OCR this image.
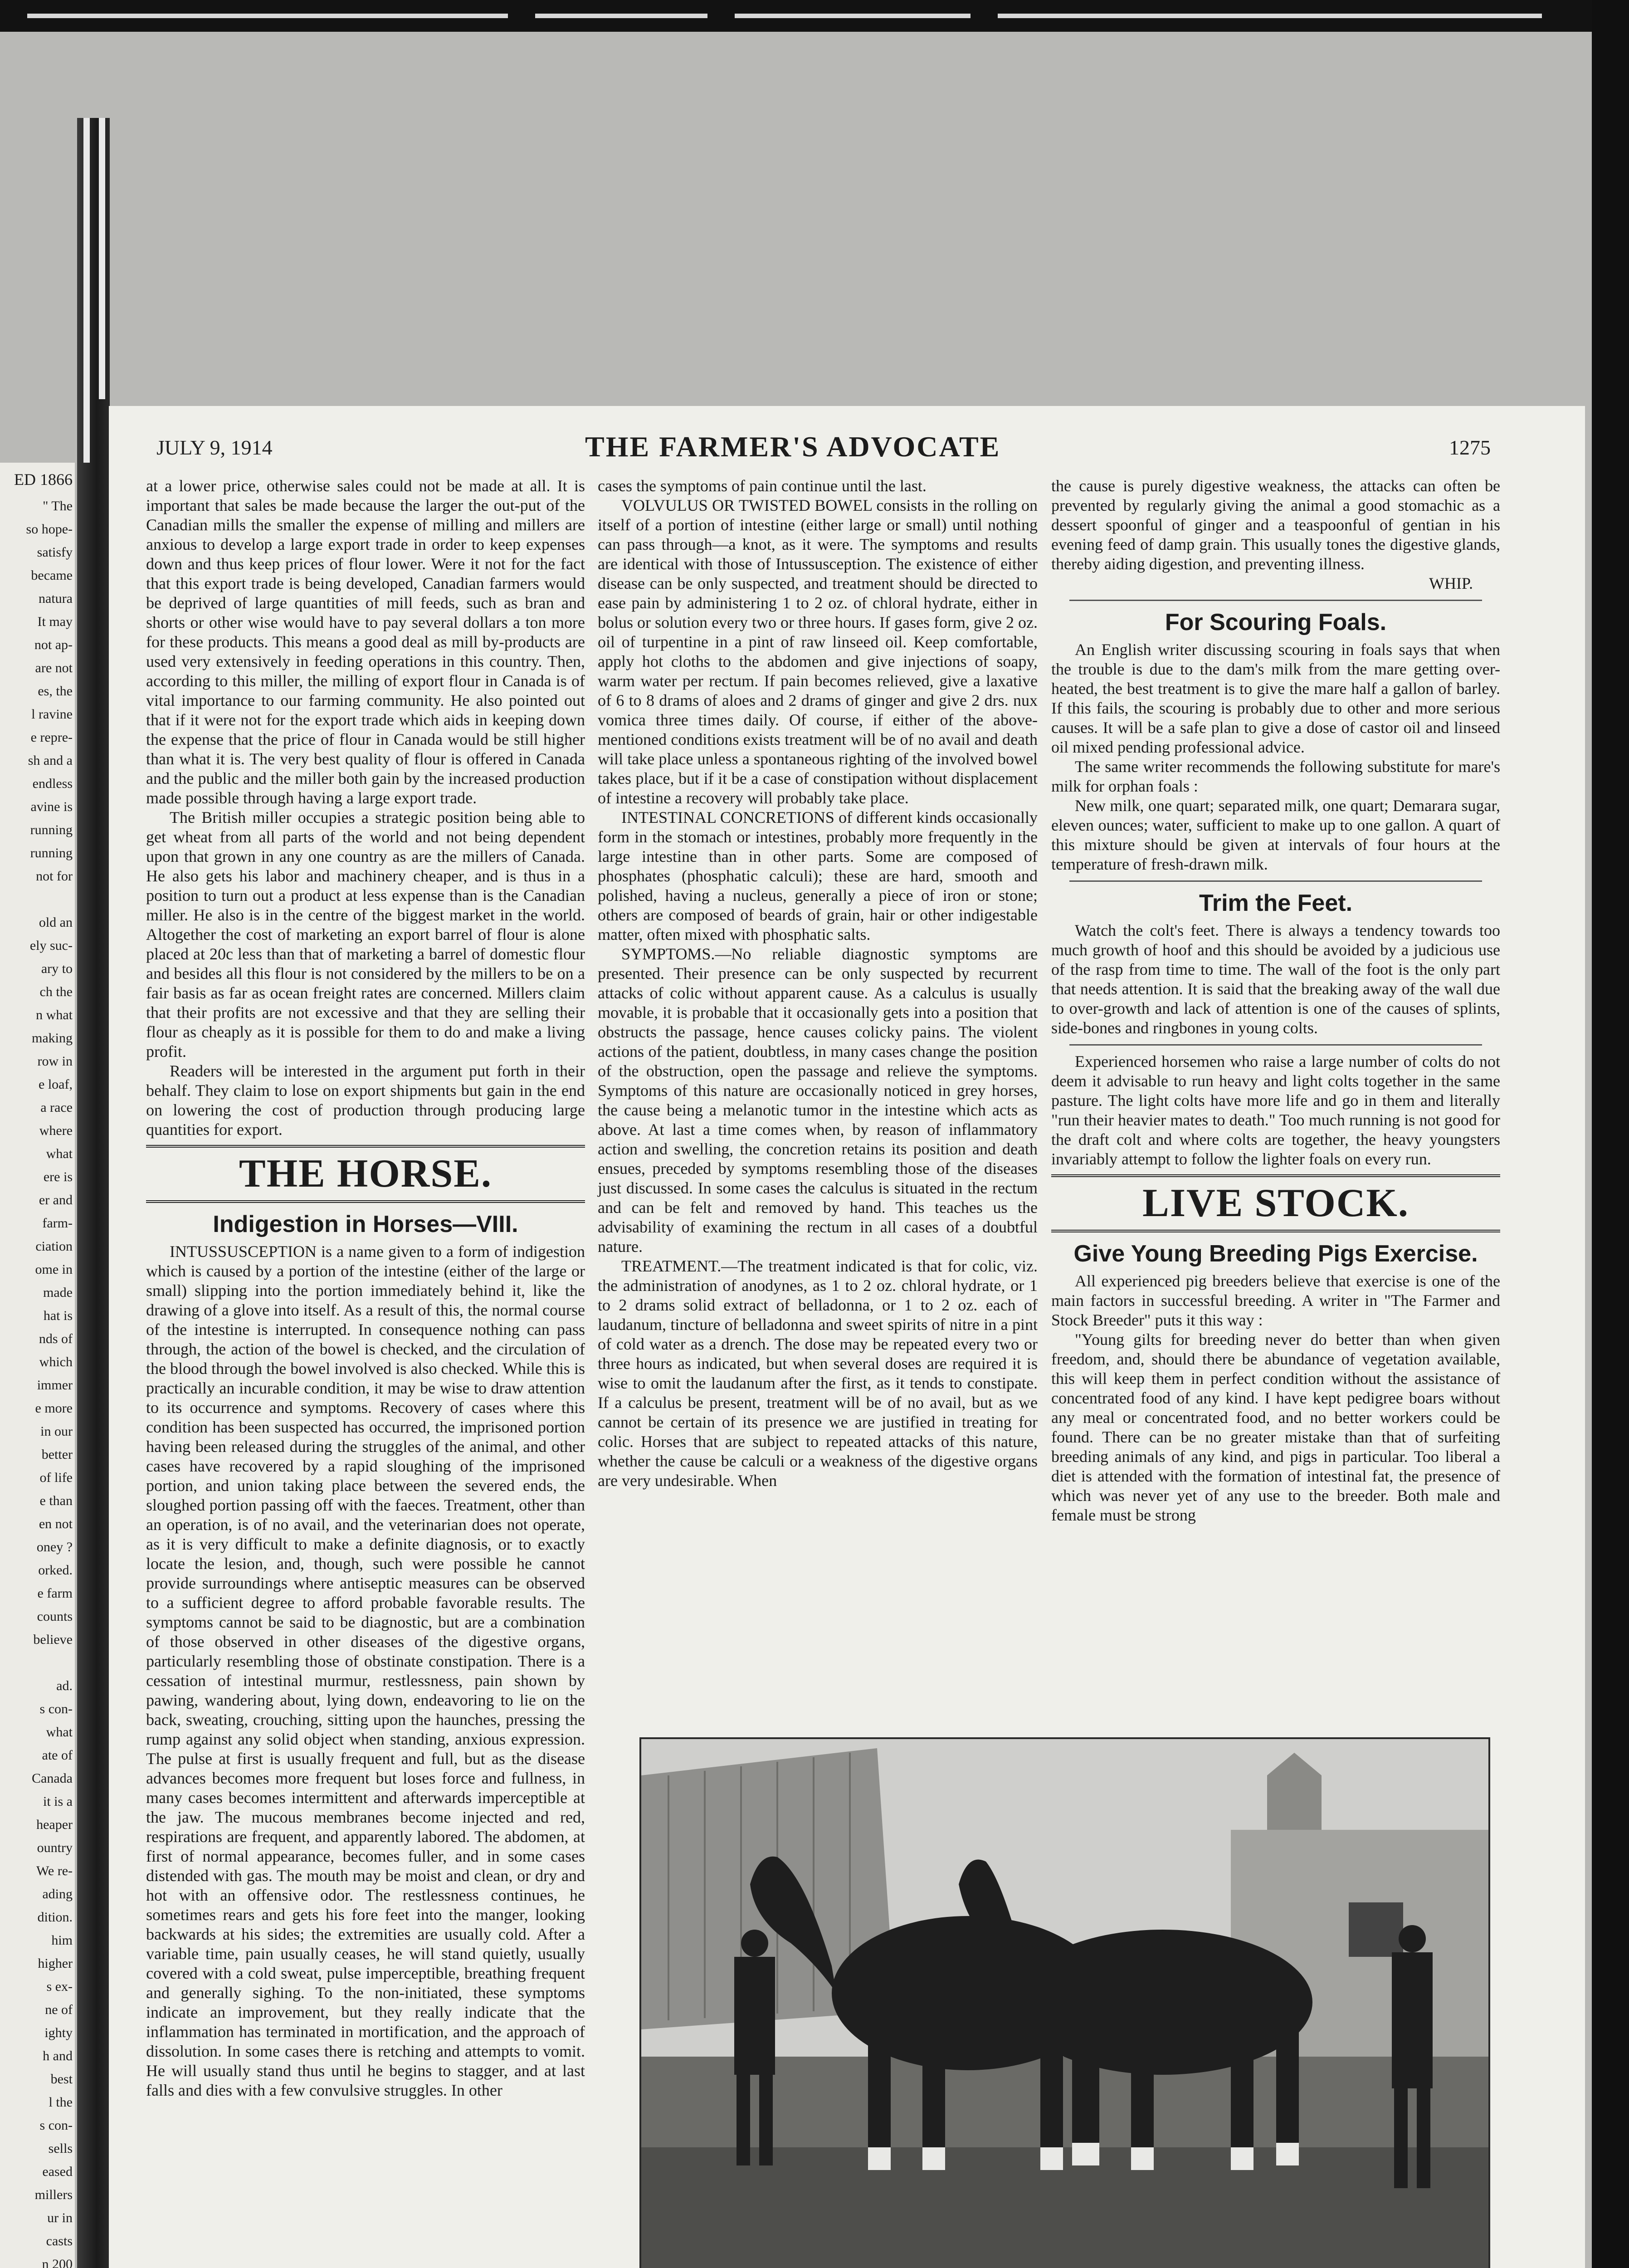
ED 1866
" The
so hope-
satisfy
became
natura
It may
not ap-
are not
es, the
l ravine
e repre-
sh and a
endless
avine is
running
running
not for
old an
ely suc-
ary to
ch the
n what
making
row in
e loaf,
a race
where
what
ere is
er and
farm-
ciation
ome in
made
hat is
nds of
which
immer
e more
in our
better
of life
e than
en not
oney ?
orked.
e farm
counts
believe
ad.
s con-
what
ate of
Canada
it is a
heaper
ountry
We re-
ading
dition.
him
higher
s ex-
ne of
ighty
h and
best
l the
s con-
sells
eased
millers
ur in
casts
n 200
JULY 9, 1914	THE FARMER'S ADVOCATE	1275

at a lower price, otherwise sales could not be made at all. It is important that sales be made because the larger the out-put of the Canadian mills the smaller the expense of milling and millers are anxious to develop a large export trade in order to keep expenses down and thus keep prices of flour lower. Were it not for the fact that this export trade is being developed, Canadian farmers would be deprived of large quantities of mill feeds, such as bran and shorts or other wise would have to pay several dollars a ton more for these products. This means a good deal as mill by-products are used very extensively in feeding operations in this country. Then, according to this miller, the milling of export flour in Canada is of vital importance to our farming community. He also pointed out that if it were not for the export trade which aids in keeping down the expense that the price of flour in Canada would be still higher than what it is. The very best quality of flour is offered in Canada and the public and the miller both gain by the increased production made possible through having a large export trade.

The British miller occupies a strategic position being able to get wheat from all parts of the world and not being dependent upon that grown in any one country as are the millers of Canada. He also gets his labor and machinery cheaper, and is thus in a position to turn out a product at less expense than is the Canadian miller. He also is in the centre of the biggest market in the world. Altogether the cost of marketing an export barrel of flour is alone placed at 20c less than that of marketing a barrel of domestic flour and besides all this flour is not considered by the millers to be on a fair basis as far as ocean freight rates are concerned. Millers claim that their profits are not excessive and that they are selling their flour as cheaply as it is possible for them to do and make a living profit.

Readers will be interested in the argument put forth in their behalf. They claim to lose on export shipments but gain in the end on lowering the cost of production through producing large quantities for export.

THE HORSE.
Indigestion in Horses—VIII.

INTUSSUSCEPTION is a name given to a form of indigestion which is caused by a portion of the intestine (either of the large or small) slipping into the portion immediately behind it, like the drawing of a glove into itself. As a result of this, the normal course of the intestine is interrupted. In consequence nothing can pass through, the action of the bowel is checked, and the circulation of the blood through the bowel involved is also checked. While this is practically an incurable condition, it may be wise to draw attention to its occurrence and symptoms. Recovery of cases where this condition has been suspected has occurred, the imprisoned portion having been released during the struggles of the animal, and other cases have recovered by a rapid sloughing of the imprisoned portion, and union taking place between the severed ends, the sloughed portion passing off with the faeces. Treatment, other than an operation, is of no avail, and the veterinarian does not operate, as it is very difficult to make a definite diagnosis, or to exactly locate the lesion, and, though, such were possible he cannot provide surroundings where antiseptic measures can be observed to a sufficient degree to afford probable favorable results. The symptoms cannot be said to be diagnostic, but are a combination of those observed in other diseases of the digestive organs, particularly resembling those of obstinate constipation. There is a cessation of intestinal murmur, restlessness, pain shown by pawing, wandering about, lying down, endeavoring to lie on the back, sweating, crouching, sitting upon the haunches, pressing the rump against any solid object when standing, anxious expression. The pulse at first is usually frequent and full, but as the disease advances becomes more frequent but loses force and fullness, in many cases becomes intermittent and afterwards imperceptible at the jaw. The mucous membranes become injected and red, respirations are frequent, and apparently labored. The abdomen, at first of normal appearance, becomes fuller, and in some cases distended with gas. The mouth may be moist and clean, or dry and hot with an offensive odor. The restlessness continues, he sometimes rears and gets his fore feet into the manger, looking backwards at his sides; the extremities are usually cold. After a variable time, pain usually ceases, he will stand quietly, usually covered with a cold sweat, pulse imperceptible, breathing frequent and generally sighing. To the non-initiated, these symptoms indicate an improvement, but they really indicate that the inflammation has terminated in mortification, and the approach of dissolution. In some cases there is retching and attempts to vomit. He will usually stand thus until he begins to stagger, and at last falls and dies with a few convulsive struggles. In other

cases the symptoms of pain continue until the last.

VOLVULUS OR TWISTED BOWEL consists in the rolling on itself of a portion of intestine (either large or small) until nothing can pass through—a knot, as it were. The symptoms and results are identical with those of Intussusception. The existence of either disease can be only suspected, and treatment should be directed to ease pain by administering 1 to 2 oz. of chloral hydrate, either in bolus or solution every two or three hours. If gases form, give 2 oz. oil of turpentine in a pint of raw linseed oil. Keep comfortable, apply hot cloths to the abdomen and give injections of soapy, warm water per rectum. If pain becomes relieved, give a laxative of 6 to 8 drams of aloes and 2 drams of ginger and give 2 drs. nux vomica three times daily. Of course, if either of the above-mentioned conditions exists treatment will be of no avail and death will take place unless a spontaneous righting of the involved bowel takes place, but if it be a case of constipation without displacement of intestine a recovery will probably take place.

INTESTINAL CONCRETIONS of different kinds occasionally form in the stomach or intestines, probably more frequently in the large intestine than in other parts. Some are composed of phosphates (phosphatic calculi); these are hard, smooth and polished, having a nucleus, generally a piece of iron or stone; others are composed of beards of grain, hair or other indigestable matter, often mixed with phosphatic salts.

SYMPTOMS.—No reliable diagnostic symptoms are presented. Their presence can be only suspected by recurrent attacks of colic without apparent cause. As a calculus is usually movable, it is probable that it occasionally gets into a position that obstructs the passage, hence causes colicky pains. The violent actions of the patient, doubtless, in many cases change the position of the obstruction, open the passage and relieve the symptoms. Symptoms of this nature are occasionally noticed in grey horses, the cause being a melanotic tumor in the intestine which acts as above. At last a time comes when, by reason of inflammatory action and swelling, the concretion retains its position and death ensues, preceded by symptoms resembling those of the diseases just discussed. In some cases the calculus is situated in the rectum and can be felt and removed by hand. This teaches us the advisability of examining the rectum in all cases of a doubtful nature.

TREATMENT.—The treatment indicated is that for colic, viz. the administration of anodynes, as 1 to 2 oz. chloral hydrate, or 1 to 2 drams solid extract of belladonna, or 1 to 2 oz. each of laudanum, tincture of belladonna and sweet spirits of nitre in a pint of cold water as a drench. The dose may be repeated every two or three hours as indicated, but when several doses are required it is wise to omit the laudanum after the first, as it tends to constipate. If a calculus be present, treatment will be of no avail, but as we cannot be certain of its presence we are justified in treating for colic. Horses that are subject to repeated attacks of this nature, whether the cause be calculi or a weakness of the digestive organs are very undesirable. When

the cause is purely digestive weakness, the attacks can often be prevented by regularly giving the animal a good stomachic as a dessert spoonful of ginger and a teaspoonful of gentian in his evening feed of damp grain. This usually tones the digestive glands, thereby aiding digestion, and preventing illness.

WHIP.
For Scouring Foals.

An English writer discussing scouring in foals says that when the trouble is due to the dam's milk from the mare getting over-heated, the best treatment is to give the mare half a gallon of barley. If this fails, the scouring is probably due to other and more serious causes. It will be a safe plan to give a dose of castor oil and linseed oil mixed pending professional advice.

The same writer recommends the following substitute for mare's milk for orphan foals :

New milk, one quart; separated milk, one quart; Demarara sugar, eleven ounces; water, sufficient to make up to one gallon. A quart of this mixture should be given at intervals of four hours at the temperature of fresh-drawn milk.

Trim the Feet.

Watch the colt's feet. There is always a tendency towards too much growth of hoof and this should be avoided by a judicious use of the rasp from time to time. The wall of the foot is the only part that needs attention. It is said that the breaking away of the wall due to over-growth and lack of attention is one of the causes of splints, side-bones and ringbones in young colts.

Experienced horsemen who raise a large number of colts do not deem it advisable to run heavy and light colts together in the same pasture. The light colts have more life and go in them and literally "run their heavier mates to death." Too much running is not good for the draft colt and where colts are together, the heavy youngsters invariably attempt to follow the lighter foals on every run.

LIVE STOCK.
Give Young Breeding Pigs Exercise.

All experienced pig breeders believe that exercise is one of the main factors in successful breeding. A writer in "The Farmer and Stock Breeder" puts it this way :

"Young gilts for breeding never do better than when given freedom, and, should there be abundance of vegetation available, this will keep them in perfect condition without the assistance of concentrated food of any kind. I have kept pedigree boars without any meal or concentrated food, and no better workers could be found. There can be no greater mistake than that of surfeiting breeding animals of any kind, and pigs in particular. Too liberal a diet is attended with the formation of intestinal fat, the presence of which was never yet of any use to the breeder. Both male and female must be strong
